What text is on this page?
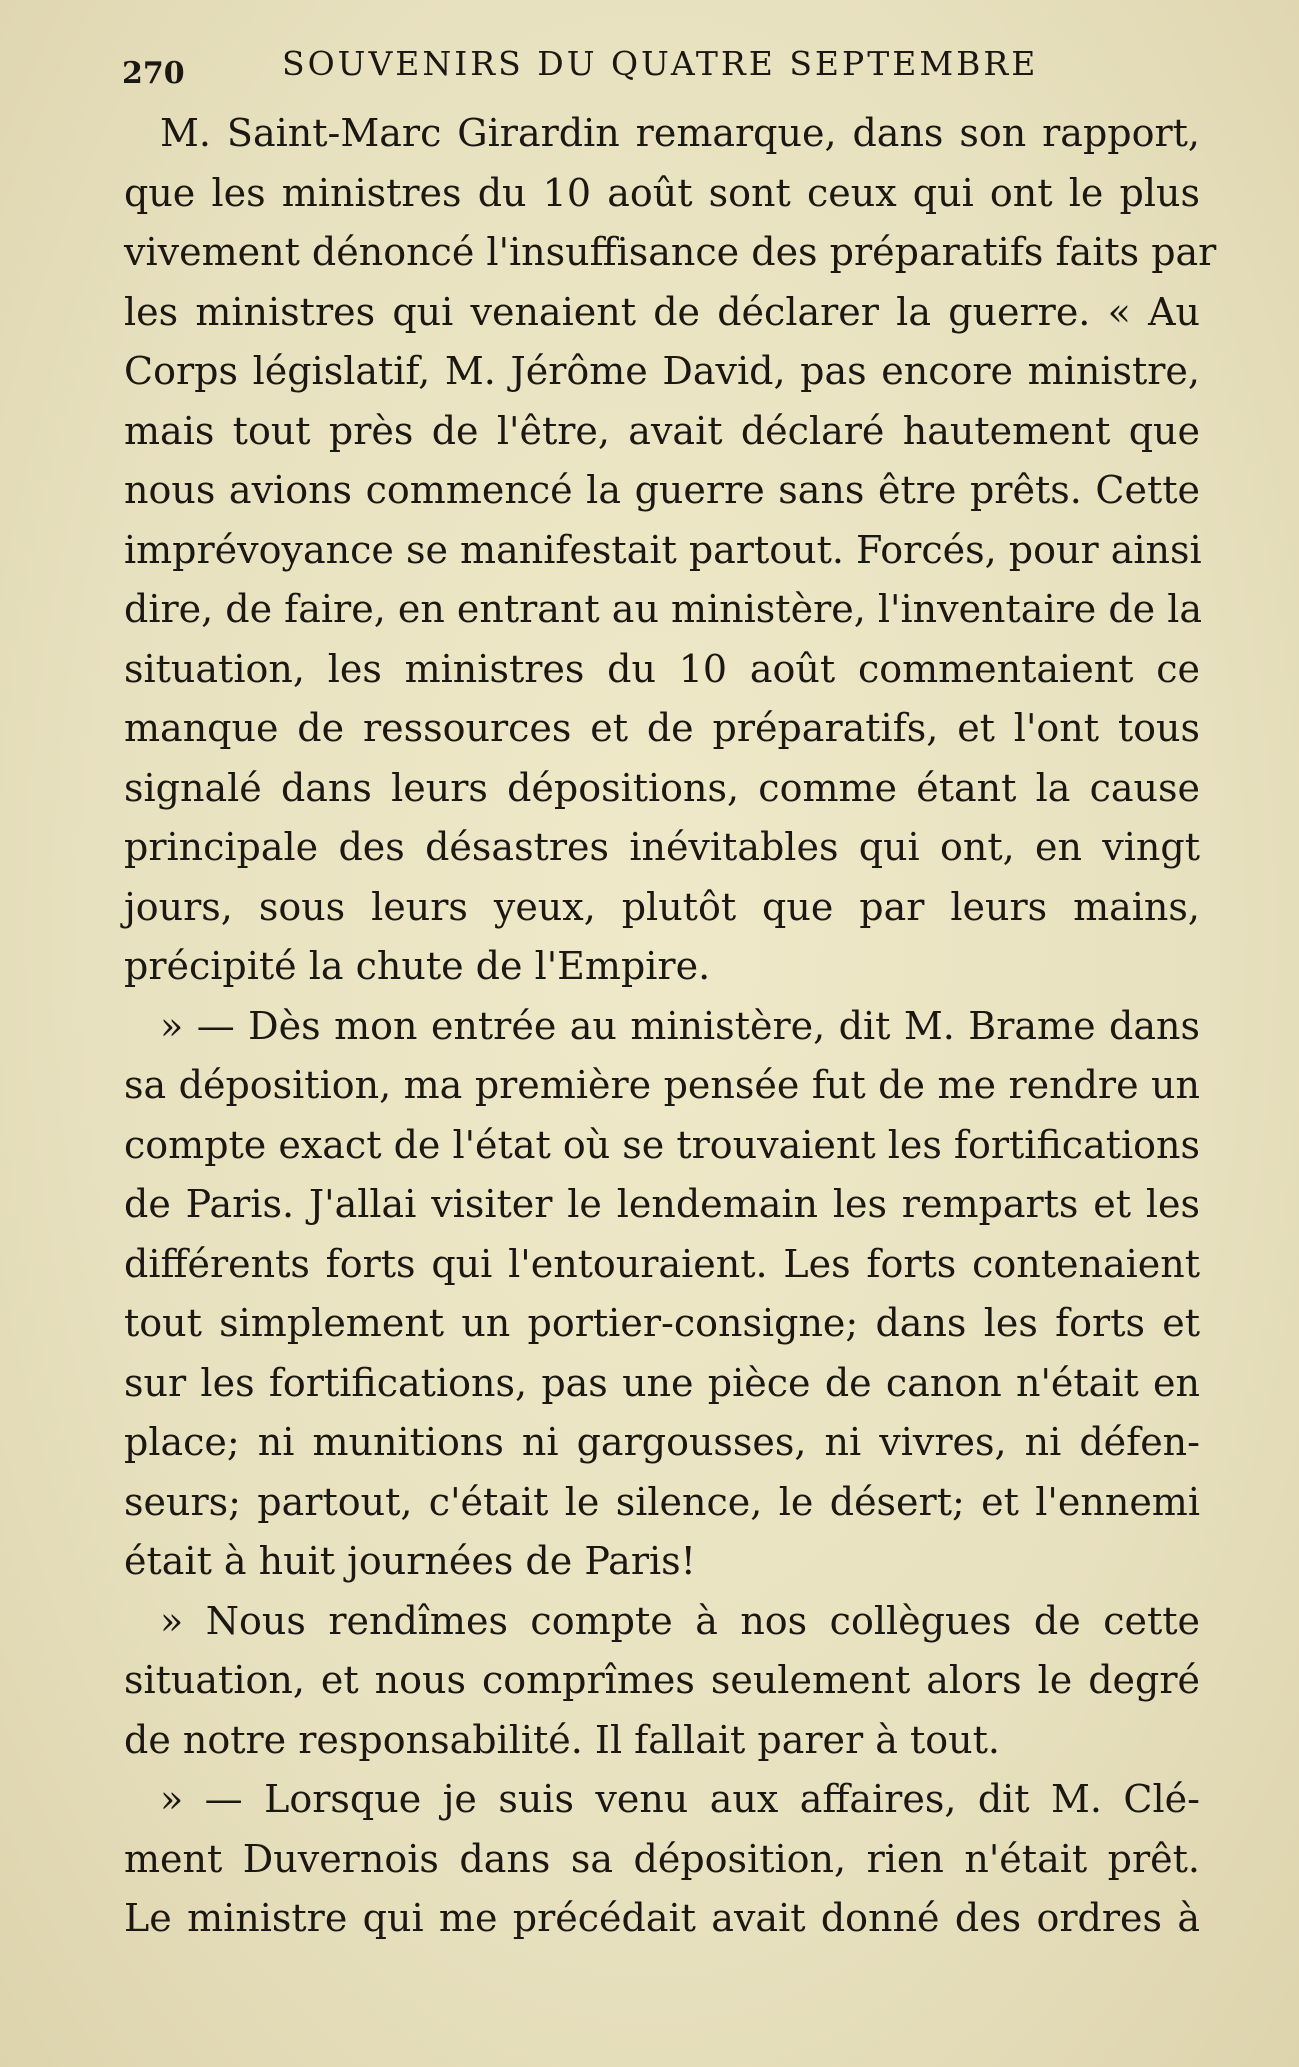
270	SOUVENIRS DU QUATRE SEPTEMBRE

M. Saint-Marc Girardin remarque, dans son rapport,
que les ministres du 10 août sont ceux qui ont le plus
vivement dénoncé l'insuffisance des préparatifs faits par
les ministres qui venaient de déclarer la guerre. « Au
Corps législatif, M. Jérôme David, pas encore ministre,
mais tout près de l'être, avait déclaré hautement que
nous avions commencé la guerre sans être prêts. Cette
imprévoyance se manifestait partout. Forcés, pour ainsi
dire, de faire, en entrant au ministère, l'inventaire de la
situation, les ministres du 10 août commentaient ce
manque de ressources et de préparatifs, et l'ont tous
signalé dans leurs dépositions, comme étant la cause
principale des désastres inévitables qui ont, en vingt
jours, sous leurs yeux, plutôt que par leurs mains,
précipité la chute de l'Empire.

» — Dès mon entrée au ministère, dit M. Brame dans
sa déposition, ma première pensée fut de me rendre un
compte exact de l'état où se trouvaient les fortifications
de Paris. J'allai visiter le lendemain les remparts et les
différents forts qui l'entouraient. Les forts contenaient
tout simplement un portier-consigne; dans les forts et
sur les fortifications, pas une pièce de canon n'était en
place; ni munitions ni gargousses, ni vivres, ni défen-
seurs; partout, c'était le silence, le désert; et l'ennemi
était à huit journées de Paris!

» Nous rendîmes compte à nos collègues de cette
situation, et nous comprîmes seulement alors le degré
de notre responsabilité. Il fallait parer à tout.

» — Lorsque je suis venu aux affaires, dit M. Clé-
ment Duvernois dans sa déposition, rien n'était prêt.
Le ministre qui me précédait avait donné des ordres à
